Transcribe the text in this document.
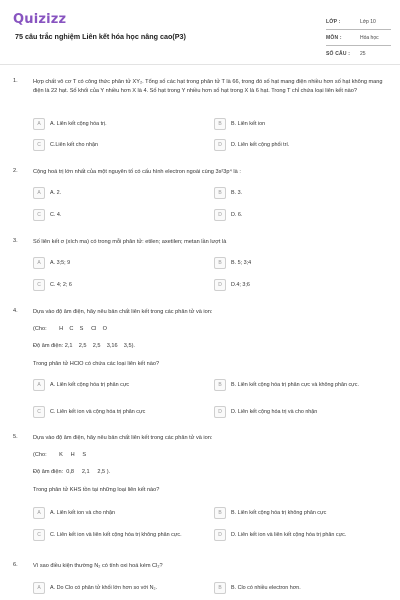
Quizizz
75 câu trắc nghiệm Liên kết hóa học nâng cao(P3)
LỚP :	Lớp 10
MÔN :	Hóa học
SỐ CÂU :	25
1.	Hợp chất vô cơ T có công thức phân tử XY₂. Tổng số các hạt trong phân tử T là 66, trong đó số hạt mang điện nhiều hơn số hạt không mang điện là 22 hạt. Số khối của Y nhiều hơn X là 4. Số hạt trong Y nhiều hơn số hạt trong X là 6 hạt. Trong T chỉ chứa loại liên kết nào?
A	A. Liên kết cộng hóa trị.	B	B. Liên kết ion
C	C.Liên kết cho nhận	D	D. Liên kết cộng phối trí.
2.	Cộng hoá trị lớn nhất của một nguyên tố có cấu hình electron ngoài cùng 3s²3p⁴ là :
A	A. 2.	B	B. 3.
C	C. 4.	D	D. 6.
3.	Số liên kết σ (xích ma) có trong mỗi phân tử: etilen; axetilen; metan lần lượt là
A	A. 3;5; 9	B	B. 5; 3;4
C	C. 4; 2; 6	D	D.4; 3;6
4.	Dựa vào độ âm điện, hãy nêu bản chất liên kết trong các phân tử và ion:
(Cho:        H    C    S     Cl    O
Độ âm điện: 2,1    2,5    2,5    3,16    3,5).
Trong phân tử HClO có chứa các loại liên kết nào?
A	A. Liên kết cộng hóa trị phân cực	B	B. Liên kết cộng hóa trị phân cực và không phân cực.
C	C. Liên kết ion và cộng hóa trị phân cực	D	D. Liên kết cộng hóa trị và cho nhận
5.	Dựa vào độ âm điện, hãy nêu bản chất liên kết trong các phân tử và ion:
(Cho:        K     H     S
Độ âm điện:  0,8     2,1     2,5 ).
Trong phân tử KHS tồn tại những loại liên kết nào?
A	A. Liên kết ion và cho nhận	B	B. Liên kết cộng hóa trị không phân cực
C	C. Liên kết ion và liên kết cộng hóa trị không phân cực.	D	D. Liên kết ion và liên kết cộng hóa trị phân cực.
6.	Vì sao điều kiện thường N₂ có tính oxi hoá kém Cl₂?
A	A. Do Clo có phân tử khối lớn hơn so với N₂.	B	B. Clo có nhiều electron hơn.
